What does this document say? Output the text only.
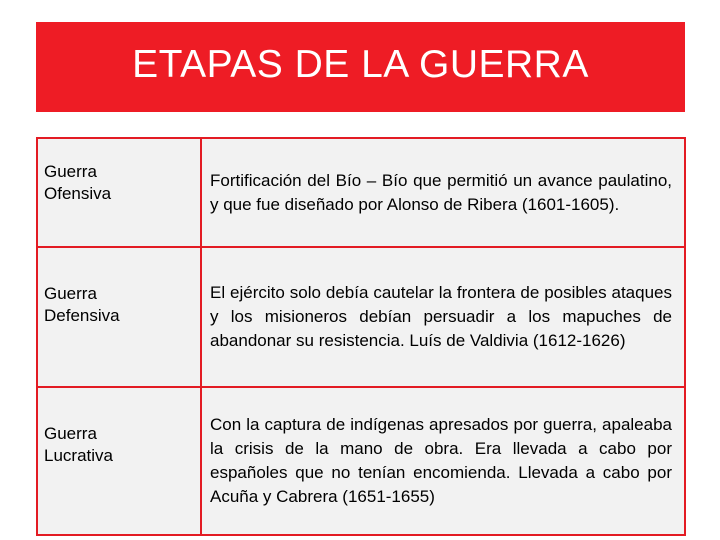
ETAPAS DE LA GUERRA
Guerra
Ofensiva	Fortificación del Bío – Bío que permitió un avance paulatino, y que fue diseñado por Alonso de Ribera (1601-1605).
Guerra
Defensiva	El ejército solo debía cautelar la frontera de posibles ataques y los misioneros debían persuadir a los mapuches de abandonar su resistencia. Luís de Valdivia (1612-1626)
Guerra
Lucrativa	Con la captura de indígenas apresados por guerra, apaleaba la crisis de la mano de obra. Era llevada a cabo por españoles que no tenían encomienda. Llevada a cabo por Acuña y Cabrera (1651-1655)
